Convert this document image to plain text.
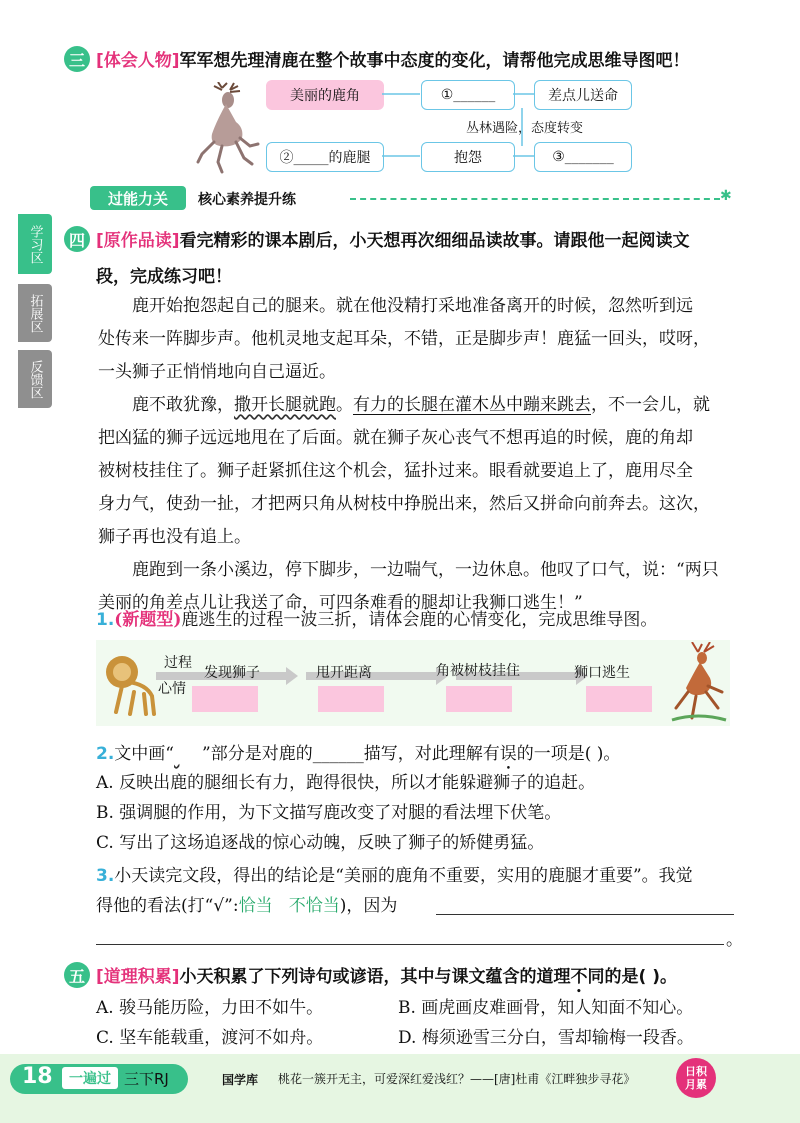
三 [体会人物]军军想先理清鹿在整个故事中态度的变化，请帮他完成思维导图吧！
美丽的鹿角	①______	差点儿送命
丛林遇险，态度转变
②_____的鹿腿	抱怨	③_______
过能力关	核心素养提升练	✱
学习区
拓展区
反馈区
四 [原作品读]看完精彩的课本剧后，小天想再次细细品读故事。请跟他一起阅读文
段，完成练习吧！
鹿开始抱怨起自己的腿来。就在他没精打采地准备离开的时候，忽然听到远
处传来一阵脚步声。他机灵地支起耳朵，不错，正是脚步声！鹿猛一回头，哎呀，
一头狮子正悄悄地向自己逼近。
鹿不敢犹豫，撒开长腿就跑。有力的长腿在灌木丛中蹦来跳去，不一会儿，就
把凶猛的狮子远远地甩在了后面。就在狮子灰心丧气不想再追的时候，鹿的角却
被树枝挂住了。狮子赶紧抓住这个机会，猛扑过来。眼看就要追上了，鹿用尽全
身力气，使劲一扯，才把两只角从树枝中挣脱出来，然后又拼命向前奔去。这次，
狮子再也没有追上。
鹿跑到一条小溪边，停下脚步，一边喘气，一边休息。他叹了口气，说：“两只
美丽的角差点儿让我送了命，可四条难看的腿却让我狮口逃生！”
1.(新题型)鹿逃生的过程一波三折，请体会鹿的心情变化，完成思维导图。
过程
心情
发现狮子	甩开距离	角被树枝挂住	狮口逃生
2.文中画“ ”部分是对鹿的______描写，对此理解有误的一项是( )。
A. 反映出鹿的腿细长有力，跑得很快，所以才能躲避狮子的追赶。
B. 强调腿的作用，为下文描写鹿改变了对腿的看法埋下伏笔。
C. 写出了这场追逐战的惊心动魄，反映了狮子的矫健勇猛。
3.小天读完文段，得出的结论是“美丽的鹿角不重要，实用的鹿腿才重要”。我觉
得他的看法(打“√”:恰当 不恰当)，因为
。
五 [道理积累]小天积累了下列诗句或谚语，其中与课文蕴含的道理不同的是( )。
A. 骏马能历险，力田不如牛。	B. 画虎画皮难画骨，知人知面不知心。
C. 坚车能载重，渡河不如舟。	D. 梅须逊雪三分白，雪却输梅一段香。
18	一遍过 三下RJ	国学库 桃花一簇开无主，可爱深红爱浅红？——[唐]杜甫《江畔独步寻花》
日积
月累
